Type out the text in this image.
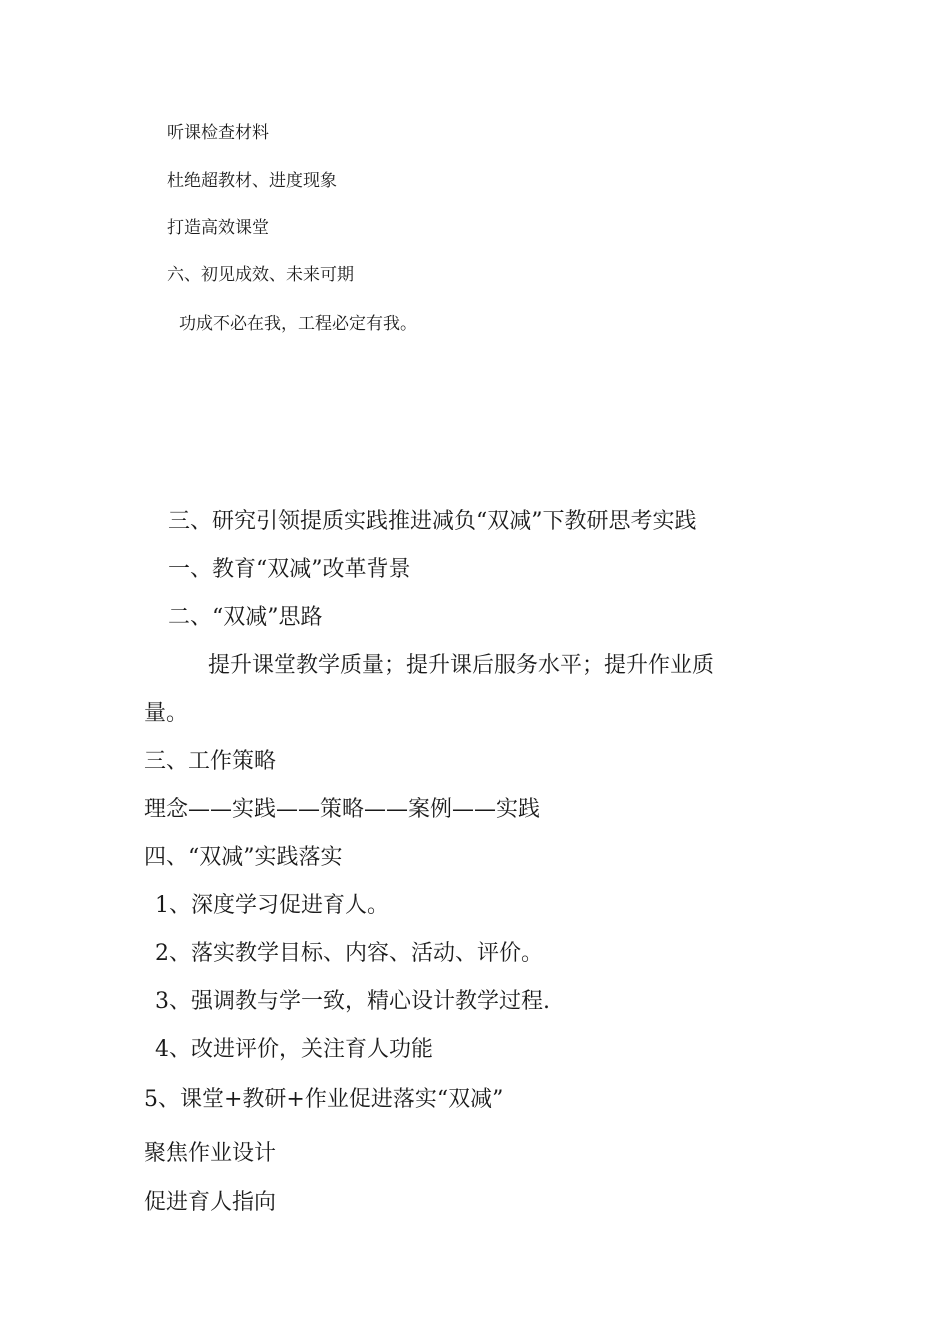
听课检查材料

杜绝超教材、进度现象

打造高效课堂

六、初见成效、未来可期

功成不必在我，工程必定有我。

三、研究引领提质实践推进减负“双减”下教研思考实践

一、教育“双减”改革背景

二、“双减”思路

提升课堂教学质量；提升课后服务水平；提升作业质

量。

三、工作策略

理念——实践——策略——案例——实践

四、“双减”实践落实

1、深度学习促进育人。

2、落实教学目标、内容、活动、评价。

3、强调教与学一致，精心设计教学过程.

4、改进评价，关注育人功能

5、课堂+教研+作业促进落实“双减”

聚焦作业设计

促进育人指向
